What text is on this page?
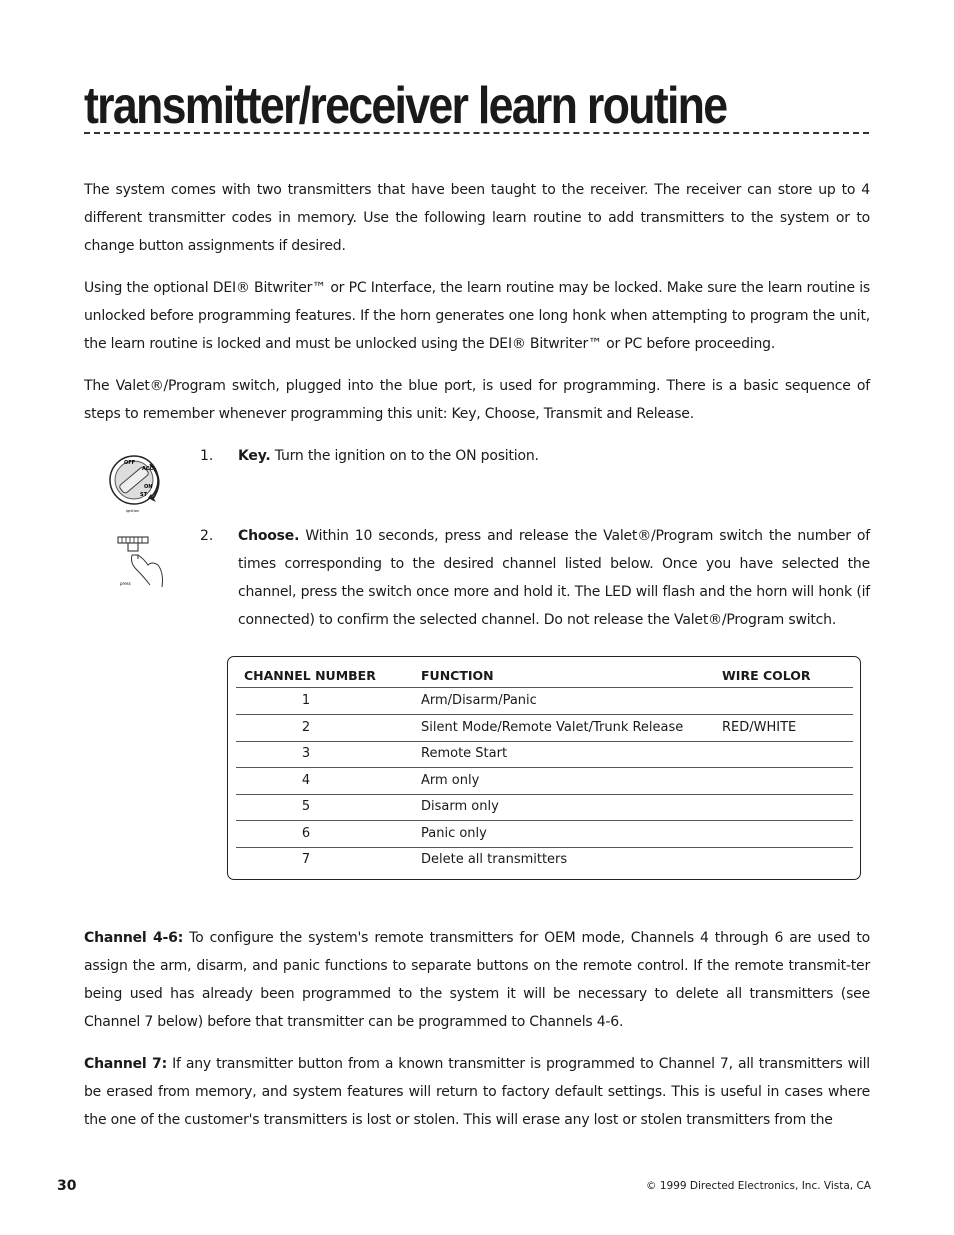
transmitter/receiver learn routine

The system comes with two transmitters that have been taught to the receiver. The receiver can store up to 4 different transmitter codes in memory. Use the following learn routine to add transmitters to the system or to change button assignments if desired.

Using the optional DEI® Bitwriter™ or PC Interface, the learn routine may be locked. Make sure the learn routine is unlocked before programming features. If the horn generates one long honk when attempting to program the unit, the learn routine is locked and must be unlocked using the DEI® Bitwriter™ or PC before proceeding.

The Valet®/Program switch, plugged into the blue port, is used for programming. There is a basic sequence of steps to remember whenever programming this unit: Key, Choose, Transmit and Release.

OFF
ACC
ON
ST
ignition
1. Key. Turn the ignition on to the ON position.

press
2. Choose. Within 10 seconds, press and release the Valet®/Program switch the number of times corresponding to the desired channel listed below. Once you have selected the channel, press the switch once more and hold it. The LED will flash and the horn will honk (if connected) to confirm the selected channel. Do not release the Valet®/Program switch.

CHANNEL NUMBER	FUNCTION	WIRE COLOR
1	Arm/Disarm/Panic
2	Silent Mode/Remote Valet/Trunk Release	RED/WHITE
3	Remote Start
4	Arm only
5	Disarm only
6	Panic only
7	Delete all transmitters

Channel 4-6: To configure the system's remote transmitters for OEM mode, Channels 4 through 6 are used to assign the arm, disarm, and panic functions to separate buttons on the remote control. If the remote transmit-ter being used has already been programmed to the system it will be necessary to delete all transmitters (see Channel 7 below) before that transmitter can be programmed to Channels 4-6.

Channel 7: If any transmitter button from a known transmitter is programmed to Channel 7, all transmitters will be erased from memory, and system features will return to factory default settings. This is useful in cases where the one of the customer's transmitters is lost or stolen. This will erase any lost or stolen transmitters from the

30	© 1999 Directed Electronics, Inc. Vista, CA
